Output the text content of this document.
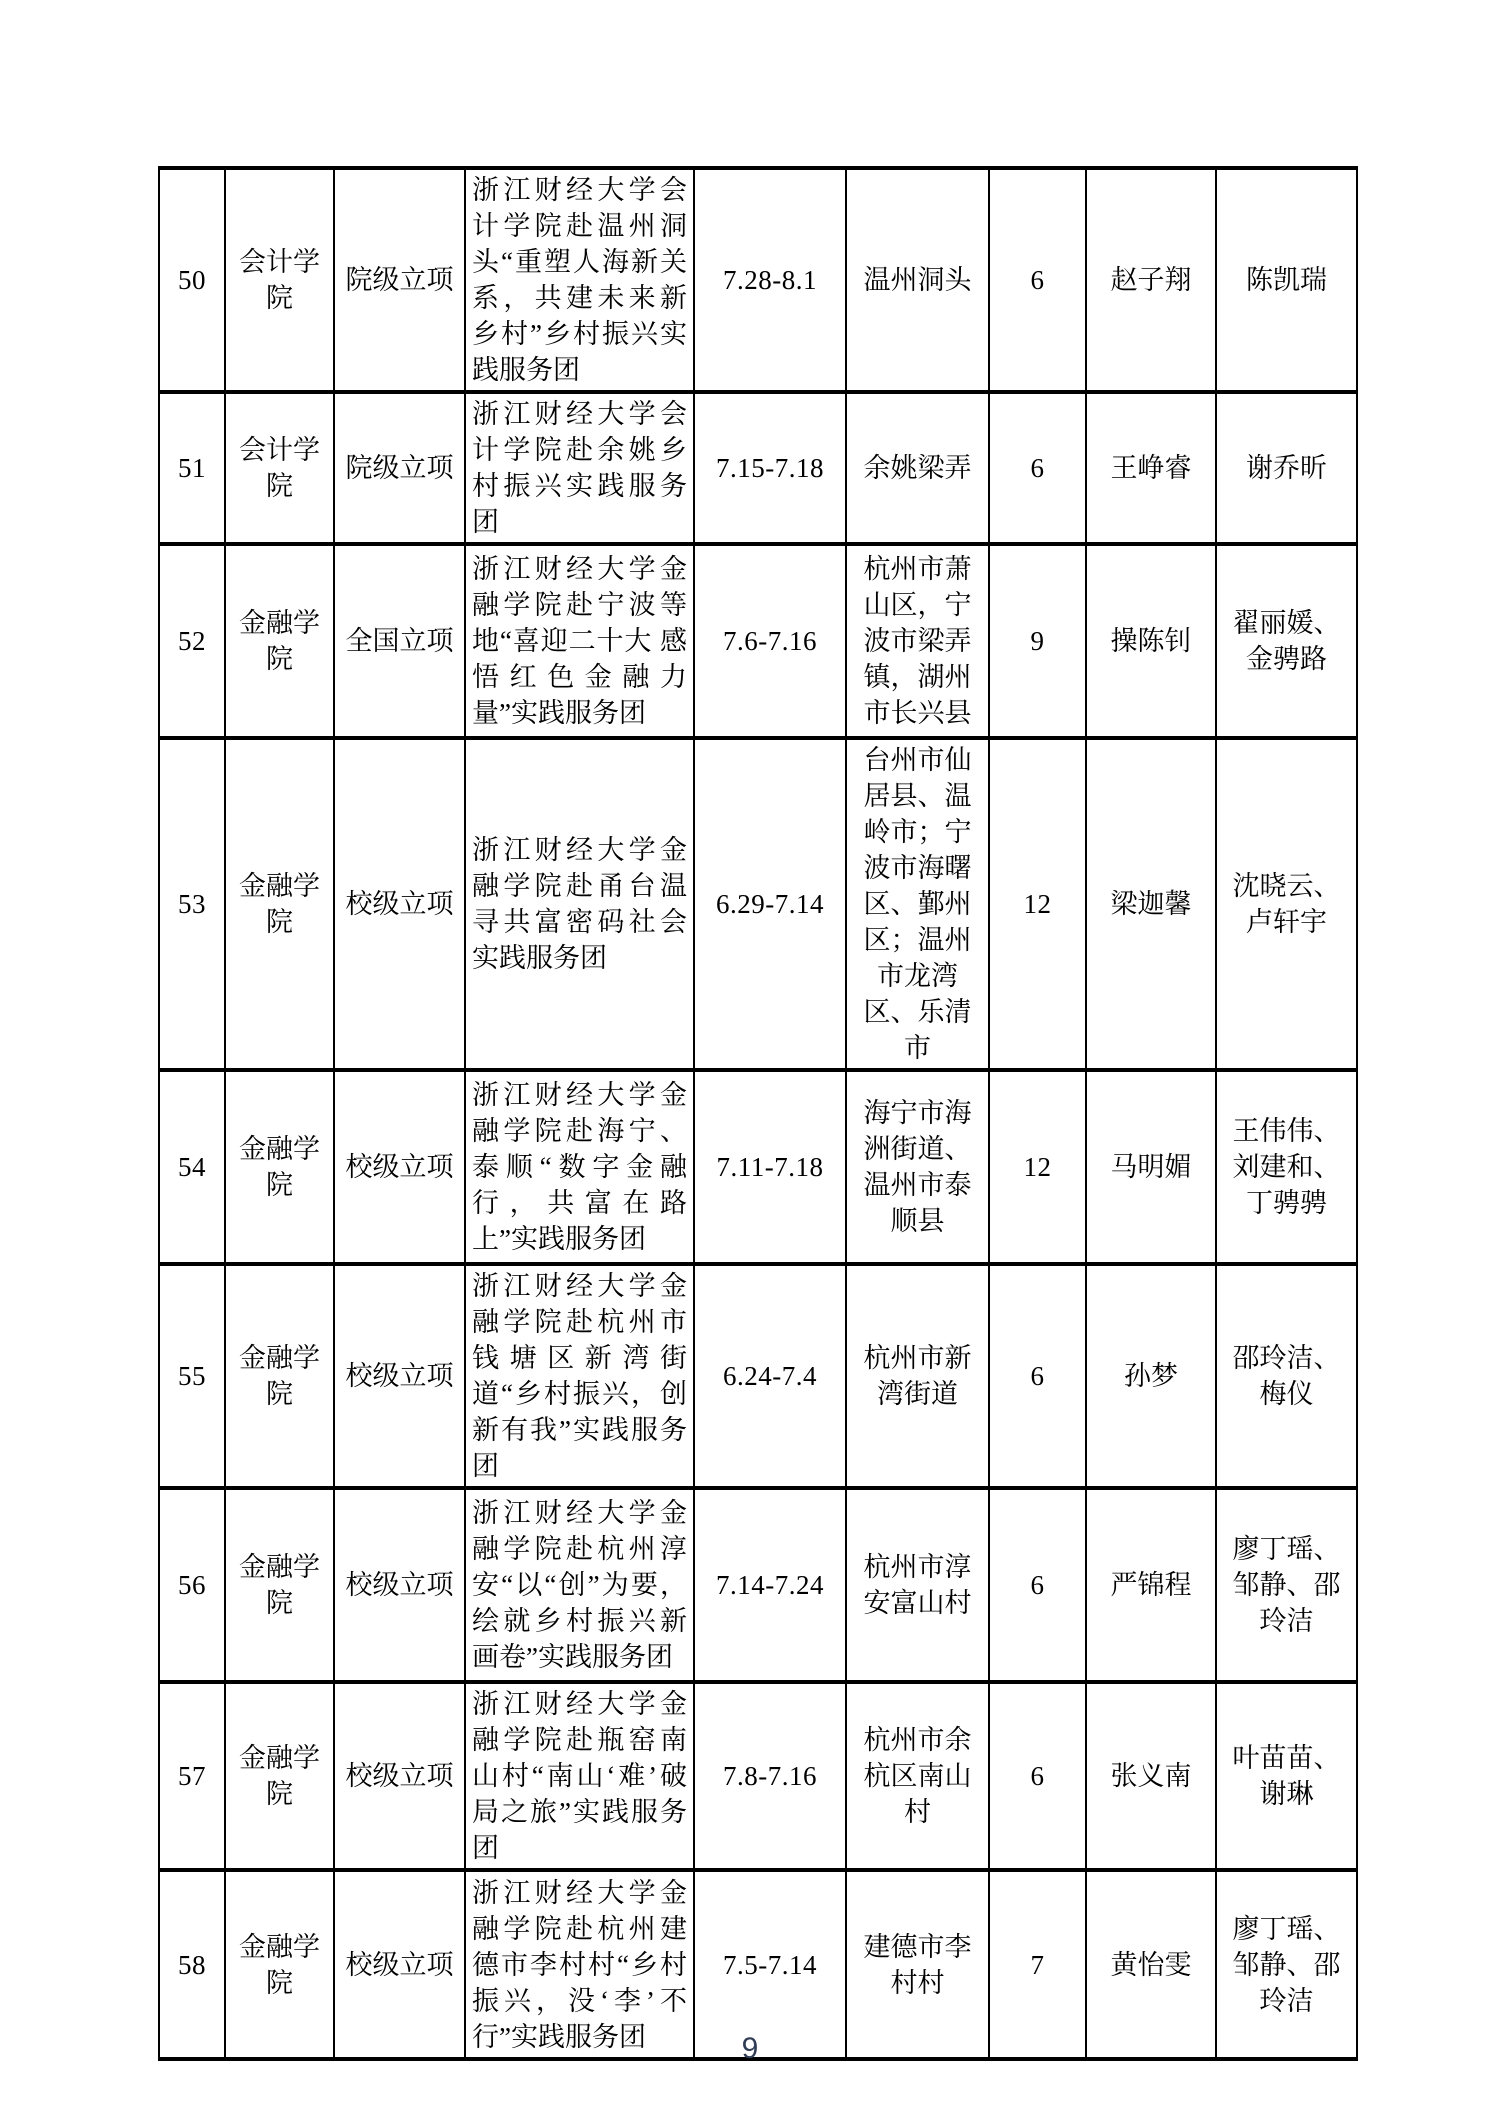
50	会计学院	院级立项	浙江财经大学会计学院赴温州洞头“重塑人海新关系，共建未来新乡村”乡村振兴实践服务团	7.28-8.1	温州洞头	6	赵子翔	陈凯瑞
51	会计学院	院级立项	浙江财经大学会计学院赴余姚乡村振兴实践服务团	7.15-7.18	余姚梁弄	6	王峥睿	谢乔昕
52	金融学院	全国立项	浙江财经大学金融学院赴宁波等地“喜迎二十大 感悟红色金融力量”实践服务团	7.6-7.16	杭州市萧山区，宁波市梁弄镇，湖州市长兴县	9	操陈钊	翟丽媛、金骋路
53	金融学院	校级立项	浙江财经大学金融学院赴甬台温寻共富密码社会实践服务团	6.29-7.14	台州市仙居县、温岭市；宁波市海曙区、鄞州区；温州市龙湾区、乐清市	12	梁迦馨	沈晓云、卢轩宇
54	金融学院	校级立项	浙江财经大学金融学院赴海宁、泰顺“数字金融行，共富在路上”实践服务团	7.11-7.18	海宁市海洲街道、温州市泰顺县	12	马明媚	王伟伟、刘建和、丁骋骋
55	金融学院	校级立项	浙江财经大学金融学院赴杭州市钱塘区新湾街道“乡村振兴，创新有我”实践服务团	6.24-7.4	杭州市新湾街道	6	孙梦	邵玲洁、梅仪
56	金融学院	校级立项	浙江财经大学金融学院赴杭州淳安“以“创”为要，绘就乡村振兴新画卷”实践服务团	7.14-7.24	杭州市淳安富山村	6	严锦程	廖丁瑶、邹静、邵玲洁
57	金融学院	校级立项	浙江财经大学金融学院赴瓶窑南山村“南山‘难’破局之旅”实践服务团	7.8-7.16	杭州市余杭区南山村	6	张义南	叶苗苗、谢琳
58	金融学院	校级立项	浙江财经大学金融学院赴杭州建德市李村村“乡村振兴，没‘李’不行”实践服务团	7.5-7.14	建德市李村村	7	黄怡雯	廖丁瑶、邹静、邵玲洁
9
